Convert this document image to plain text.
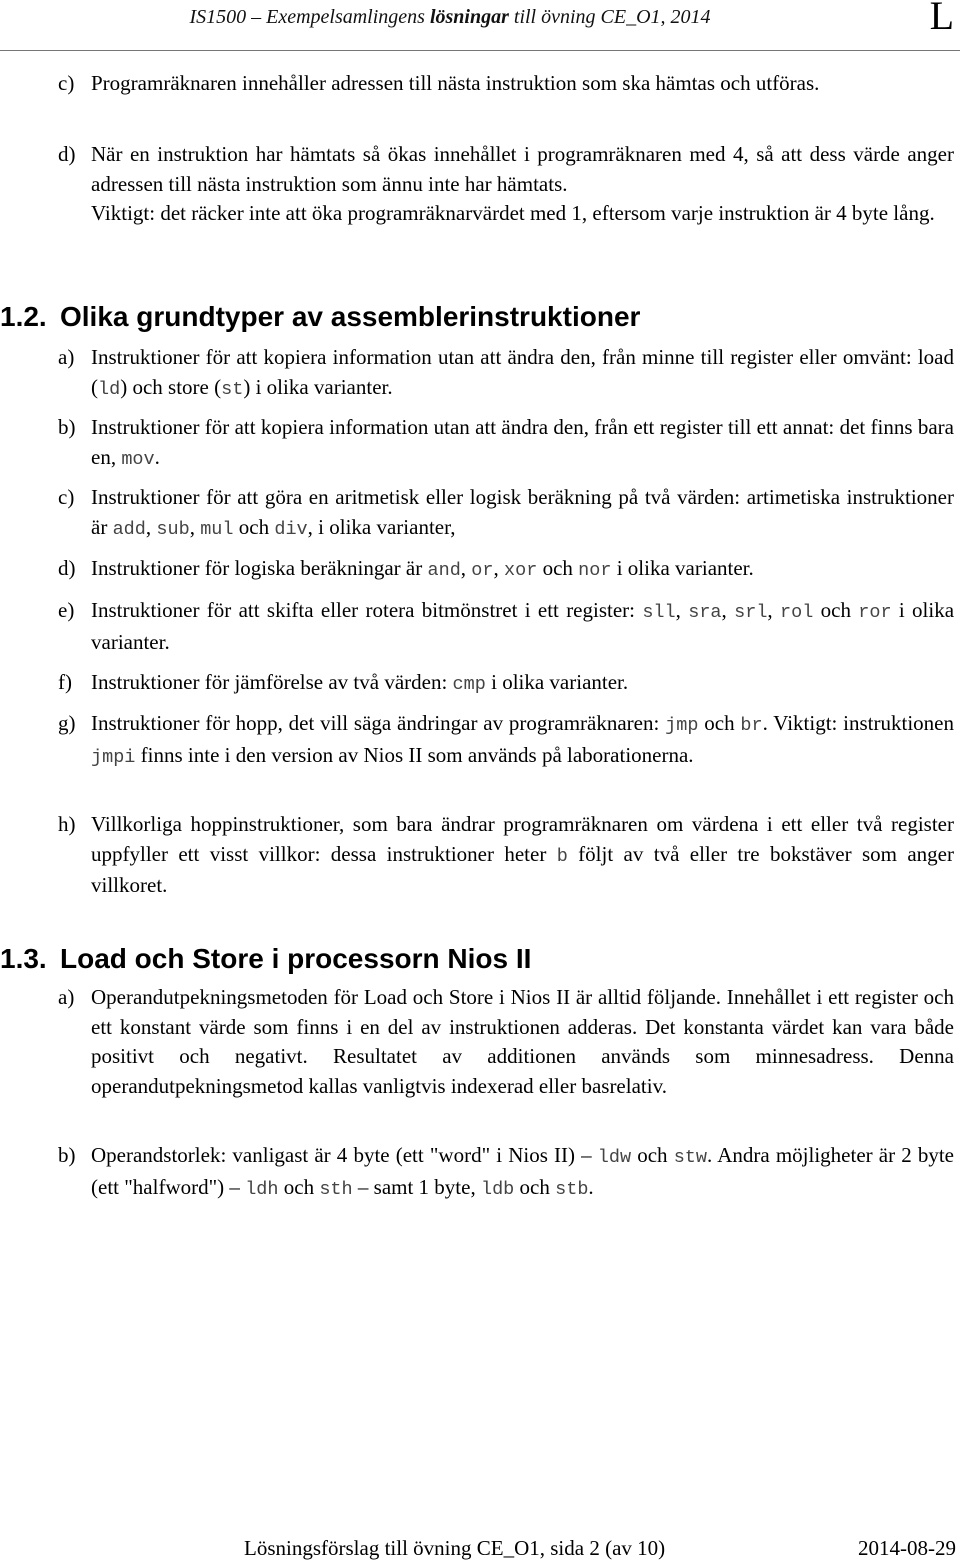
IS1500 – Exempelsamlingens lösningar till övning CE_O1, 2014	L
c) Programräknaren innehåller adressen till nästa instruktion som ska hämtas och utföras.
d) När en instruktion har hämtats så ökas innehållet i programräknaren med 4, så att dess värde anger adressen till nästa instruktion som ännu inte har hämtats.

Viktigt: det räcker inte att öka programräknarvärdet med 1, eftersom varje instruktion är 4 byte lång.

1.2. Olika grundtyper av assemblerinstruktioner
a) Instruktioner för att kopiera information utan att ändra den, från minne till register eller omvänt: load (ld) och store (st) i olika varianter.
b) Instruktioner för att kopiera information utan att ändra den, från ett register till ett annat: det finns bara en, mov.
c) Instruktioner för att göra en aritmetisk eller logisk beräkning på två värden: artimetiska instruktioner är add, sub, mul och div, i olika varianter,
d) Instruktioner för logiska beräkningar är and, or, xor och nor i olika varianter.
e) Instruktioner för att skifta eller rotera bitmönstret i ett register: sll, sra, srl, rol och ror i olika varianter.
f) Instruktioner för jämförelse av två värden: cmp i olika varianter.
g) Instruktioner för hopp, det vill säga ändringar av programräknaren: jmp och br. Viktigt: instruktionen jmpi finns inte i den version av Nios II som används på laborationerna.
h) Villkorliga hoppinstruktioner, som bara ändrar programräknaren om värdena i ett eller två register uppfyller ett visst villkor: dessa instruktioner heter b följt av två eller tre bokstäver som anger villkoret.
1.3. Load och Store i processorn Nios II
a) Operandutpekningsmetoden för Load och Store i Nios II är alltid följande. Innehållet i ett register och ett konstant värde som finns i en del av instruktionen adderas. Det konstanta värdet kan vara både positivt och negativt. Resultatet av additionen används som minnesadress. Denna operandutpekningsmetod kallas vanligtvis indexerad eller basrelativ.
b) Operandstorlek: vanligast är 4 byte (ett "word" i Nios II) – ldw och stw. Andra möjligheter är 2 byte (ett "halfword") – ldh och sth – samt 1 byte, ldb och stb.
Lösningsförslag till övning CE_O1, sida 2 (av 10)	2014-08-29
